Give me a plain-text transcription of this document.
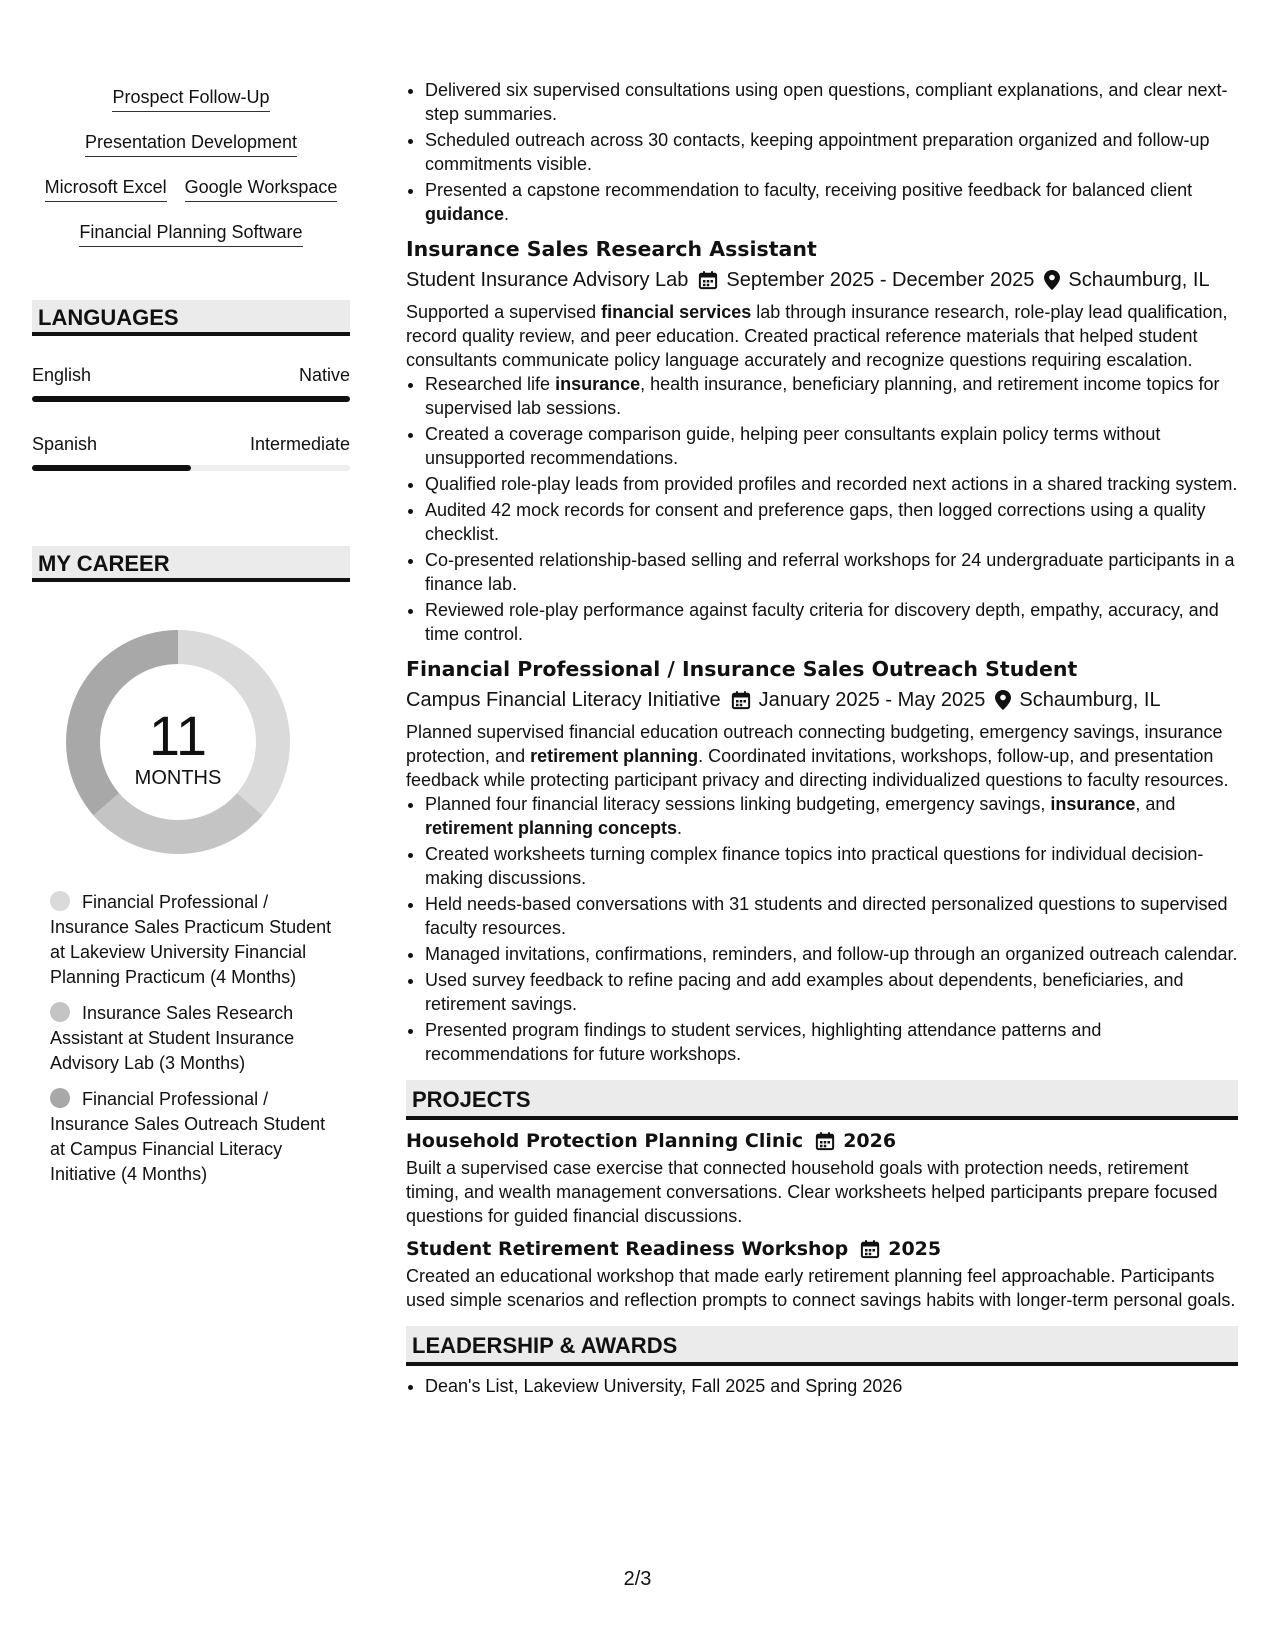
Prospect Follow-Up
Presentation Development
Microsoft Excel Google Workspace
Financial Planning Software
LANGUAGES
English	Native
Spanish	Intermediate
MY CAREER
11
MONTHS
Financial Professional / Insurance Sales Practicum Student at Lakeview University Financial Planning Practicum (4 Months)
Insurance Sales Research Assistant at Student Insurance Advisory Lab (3 Months)
Financial Professional / Insurance Sales Outreach Student at Campus Financial Literacy Initiative (4 Months)
• Delivered six supervised consultations using open questions, compliant explanations, and clear next-step summaries.
• Scheduled outreach across 30 contacts, keeping appointment preparation organized and follow-up commitments visible.
• Presented a capstone recommendation to faculty, receiving positive feedback for balanced client guidance.
Insurance Sales Research Assistant
Student Insurance Advisory Lab September 2025 - December 2025 Schaumburg, IL
Supported a supervised financial services lab through insurance research, role-play lead qualification, record quality review, and peer education. Created practical reference materials that helped student consultants communicate policy language accurately and recognize questions requiring escalation.
• Researched life insurance, health insurance, beneficiary planning, and retirement income topics for supervised lab sessions.
• Created a coverage comparison guide, helping peer consultants explain policy terms without unsupported recommendations.
• Qualified role-play leads from provided profiles and recorded next actions in a shared tracking system.
• Audited 42 mock records for consent and preference gaps, then logged corrections using a quality checklist.
• Co-presented relationship-based selling and referral workshops for 24 undergraduate participants in a finance lab.
• Reviewed role-play performance against faculty criteria for discovery depth, empathy, accuracy, and time control.
Financial Professional / Insurance Sales Outreach Student
Campus Financial Literacy Initiative January 2025 - May 2025 Schaumburg, IL
Planned supervised financial education outreach connecting budgeting, emergency savings, insurance protection, and retirement planning. Coordinated invitations, workshops, follow-up, and presentation feedback while protecting participant privacy and directing individualized questions to faculty resources.
• Planned four financial literacy sessions linking budgeting, emergency savings, insurance, and retirement planning concepts.
• Created worksheets turning complex finance topics into practical questions for individual decision-making discussions.
• Held needs-based conversations with 31 students and directed personalized questions to supervised faculty resources.
• Managed invitations, confirmations, reminders, and follow-up through an organized outreach calendar.
• Used survey feedback to refine pacing and add examples about dependents, beneficiaries, and retirement savings.
• Presented program findings to student services, highlighting attendance patterns and recommendations for future workshops.
PROJECTS
Household Protection Planning Clinic 2026
Built a supervised case exercise that connected household goals with protection needs, retirement timing, and wealth management conversations. Clear worksheets helped participants prepare focused questions for guided financial discussions.
Student Retirement Readiness Workshop 2025
Created an educational workshop that made early retirement planning feel approachable. Participants used simple scenarios and reflection prompts to connect savings habits with longer-term personal goals.
LEADERSHIP & AWARDS
• Dean's List, Lakeview University, Fall 2025 and Spring 2026
2/3
